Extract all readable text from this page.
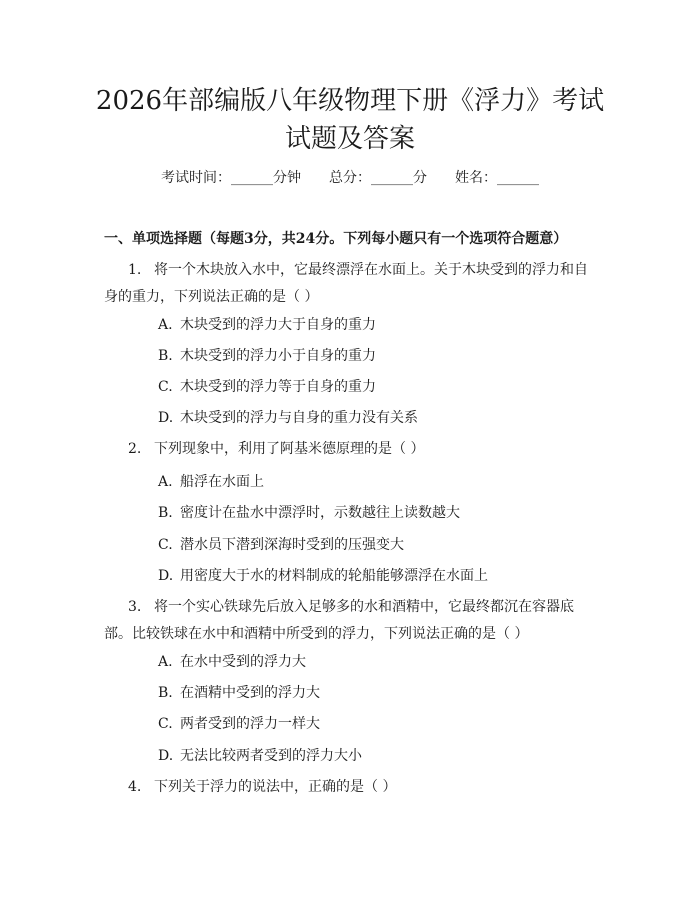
2026年部编版八年级物理下册《浮力》考试
试题及答案
考试时间：______分钟 总分：______分 姓名：______
一、单项选择题（每题3分，共24分。下列每小题只有一个选项符合题意）

1. 将一个木块放入水中，它最终漂浮在水面上。关于木块受到的浮力和自身的重力，下列说法正确的是（ ）

A. 木块受到的浮力大于自身的重力
B. 木块受到的浮力小于自身的重力
C. 木块受到的浮力等于自身的重力
D. 木块受到的浮力与自身的重力没有关系

2. 下列现象中，利用了阿基米德原理的是（ ）

A. 船浮在水面上
B. 密度计在盐水中漂浮时，示数越往上读数越大
C. 潜水员下潜到深海时受到的压强变大
D. 用密度大于水的材料制成的轮船能够漂浮在水面上

3. 将一个实心铁球先后放入足够多的水和酒精中，它最终都沉在容器底部。比较铁球在水中和酒精中所受到的浮力，下列说法正确的是（ ）

A. 在水中受到的浮力大
B. 在酒精中受到的浮力大
C. 两者受到的浮力一样大
D. 无法比较两者受到的浮力大小

4. 下列关于浮力的说法中，正确的是（ ）
